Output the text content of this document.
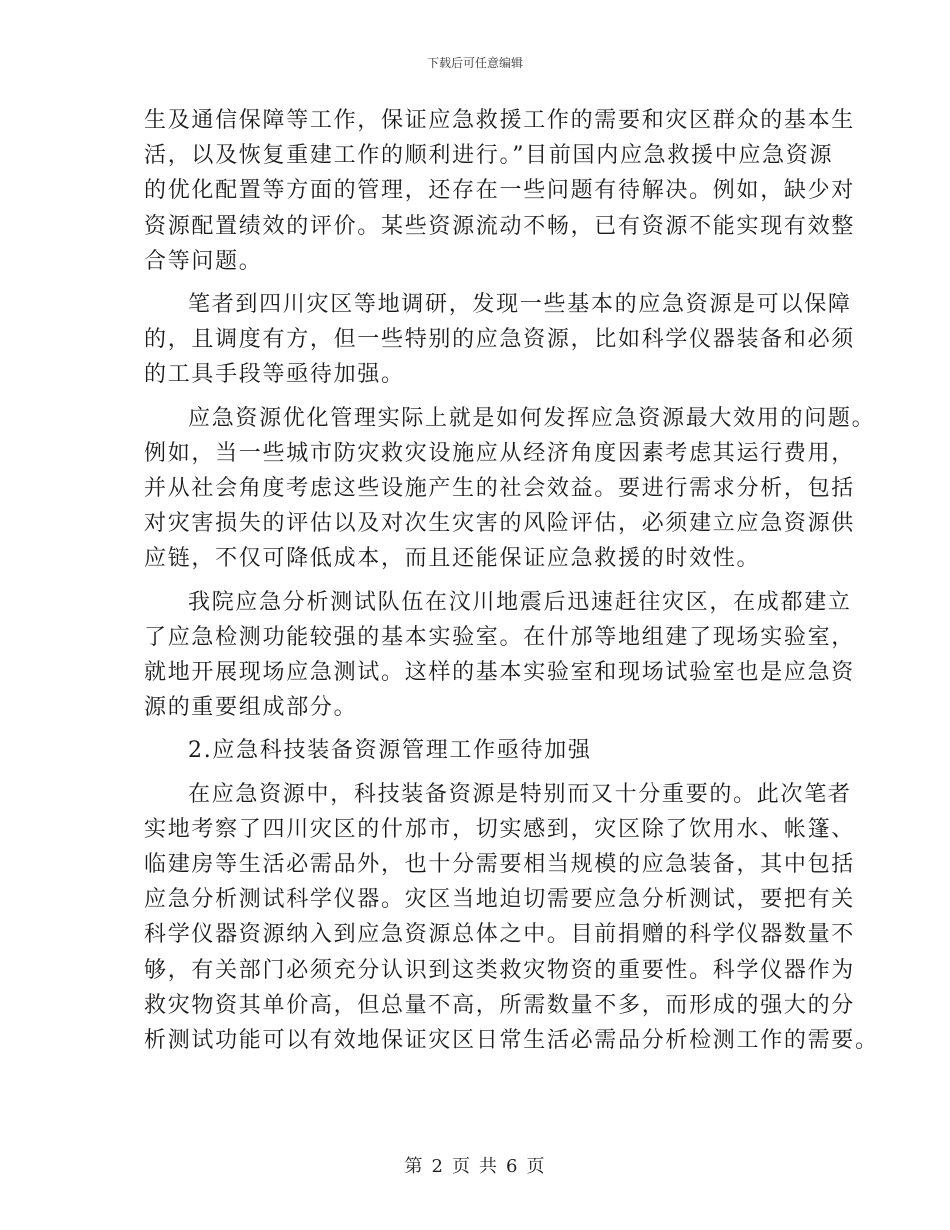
下载后可任意编辑
生及通信保障等工作，保证应急救援工作的需要和灾区群众的基本生
活，以及恢复重建工作的顺利进行。”目前国内应急救援中应急资源
的优化配置等方面的管理，还存在一些问题有待解决。例如，缺少对
资源配置绩效的评价。某些资源流动不畅，已有资源不能实现有效整
合等问题。
笔者到四川灾区等地调研，发现一些基本的应急资源是可以保障
的，且调度有方，但一些特别的应急资源，比如科学仪器装备和必须
的工具手段等亟待加强。
应急资源优化管理实际上就是如何发挥应急资源最大效用的问题。
例如，当一些城市防灾救灾设施应从经济角度因素考虑其运行费用，
并从社会角度考虑这些设施产生的社会效益。要进行需求分析，包括
对灾害损失的评估以及对次生灾害的风险评估，必须建立应急资源供
应链，不仅可降低成本，而且还能保证应急救援的时效性。
我院应急分析测试队伍在汶川地震后迅速赶往灾区，在成都建立
了应急检测功能较强的基本实验室。在什邡等地组建了现场实验室，
就地开展现场应急测试。这样的基本实验室和现场试验室也是应急资
源的重要组成部分。
2.应急科技装备资源管理工作亟待加强
在应急资源中，科技装备资源是特别而又十分重要的。此次笔者
实地考察了四川灾区的什邡市，切实感到，灾区除了饮用水、帐篷、
临建房等生活必需品外，也十分需要相当规模的应急装备，其中包括
应急分析测试科学仪器。灾区当地迫切需要应急分析测试，要把有关
科学仪器资源纳入到应急资源总体之中。目前捐赠的科学仪器数量不
够，有关部门必须充分认识到这类救灾物资的重要性。科学仪器作为
救灾物资其单价高，但总量不高，所需数量不多，而形成的强大的分
析测试功能可以有效地保证灾区日常生活必需品分析检测工作的需要。
第 2 页 共 6 页
